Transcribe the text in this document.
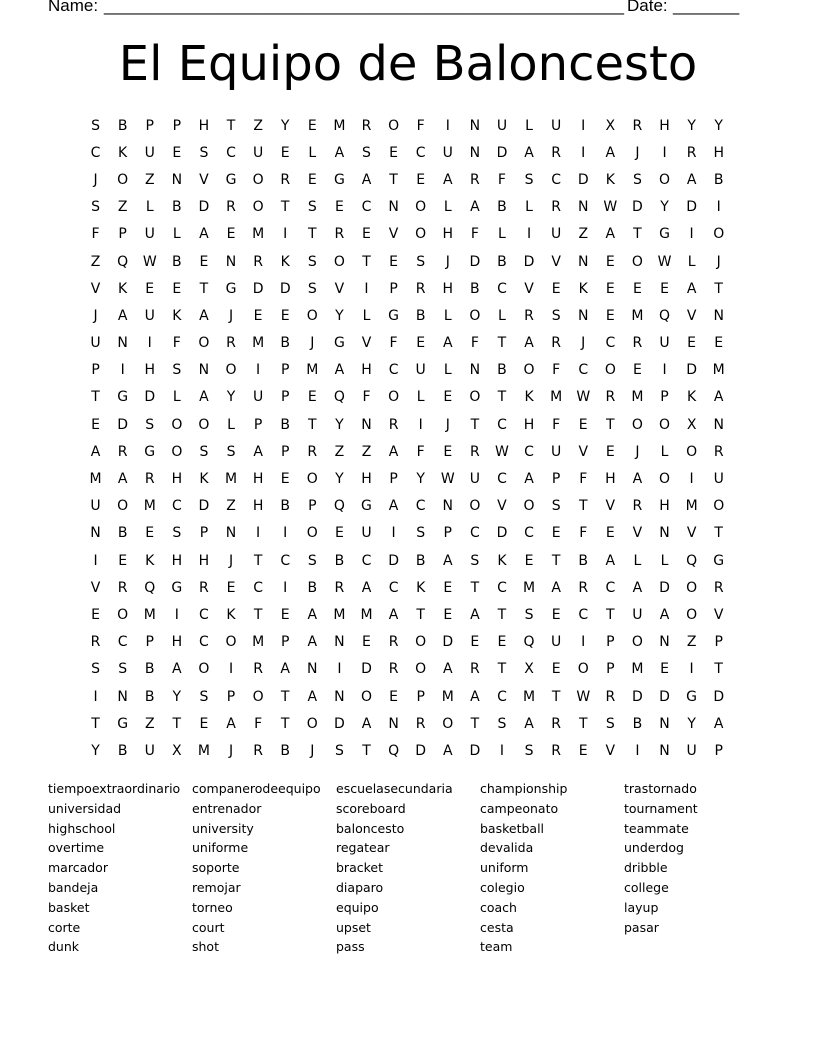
Name: _______________________________________________________ Date: _______
El Equipo de Baloncesto
S	B	P	P	H	T	Z	Y	E	M	R	O	F	I	N	U	L	U	I	X	R	H	Y	Y
C	K	U	E	S	C	U	E	L	A	S	E	C	U	N	D	A	R	I	A	J	I	R	H
J	O	Z	N	V	G	O	R	E	G	A	T	E	A	R	F	S	C	D	K	S	O	A	B
S	Z	L	B	D	R	O	T	S	E	C	N	O	L	A	B	L	R	N	W	D	Y	D	I
F	P	U	L	A	E	M	I	T	R	E	V	O	H	F	L	I	U	Z	A	T	G	I	O
Z	Q	W	B	E	N	R	K	S	O	T	E	S	J	D	B	D	V	N	E	O	W	L	J
V	K	E	E	T	G	D	D	S	V	I	P	R	H	B	C	V	E	K	E	E	E	A	T
J	A	U	K	A	J	E	E	O	Y	L	G	B	L	O	L	R	S	N	E	M	Q	V	N
U	N	I	F	O	R	M	B	J	G	V	F	E	A	F	T	A	R	J	C	R	U	E	E
P	I	H	S	N	O	I	P	M	A	H	C	U	L	N	B	O	F	C	O	E	I	D	M
T	G	D	L	A	Y	U	P	E	Q	F	O	L	E	O	T	K	M	W	R	M	P	K	A
E	D	S	O	O	L	P	B	T	Y	N	R	I	J	T	C	H	F	E	T	O	O	X	N
A	R	G	O	S	S	A	P	R	Z	Z	A	F	E	R	W	C	U	V	E	J	L	O	R
M	A	R	H	K	M	H	E	O	Y	H	P	Y	W	U	C	A	P	F	H	A	O	I	U
U	O	M	C	D	Z	H	B	P	Q	G	A	C	N	O	V	O	S	T	V	R	H	M	O
N	B	E	S	P	N	I	I	O	E	U	I	S	P	C	D	C	E	F	E	V	N	V	T
I	E	K	H	H	J	T	C	S	B	C	D	B	A	S	K	E	T	B	A	L	L	Q	G
V	R	Q	G	R	E	C	I	B	R	A	C	K	E	T	C	M	A	R	C	A	D	O	R
E	O	M	I	C	K	T	E	A	M	M	A	T	E	A	T	S	E	C	T	U	A	O	V
R	C	P	H	C	O	M	P	A	N	E	R	O	D	E	E	Q	U	I	P	O	N	Z	P
S	S	B	A	O	I	R	A	N	I	D	R	O	A	R	T	X	E	O	P	M	E	I	T
I	N	B	Y	S	P	O	T	A	N	O	E	P	M	A	C	M	T	W	R	D	D	G	D
T	G	Z	T	E	A	F	T	O	D	A	N	R	O	T	S	A	R	T	S	B	N	Y	A
Y	B	U	X	M	J	R	B	J	S	T	Q	D	A	D	I	S	R	E	V	I	N	U	P
tiempoextraordinario
universidad
highschool
overtime
marcador
bandeja
basket
corte
dunk
companerodeequipo
entrenador
university
uniforme
soporte
remojar
torneo
court
shot
escuelasecundaria
scoreboard
baloncesto
regatear
bracket
diaparo
equipo
upset
pass
championship
campeonato
basketball
devalida
uniform
colegio
coach
cesta
team
trastornado
tournament
teammate
underdog
dribble
college
layup
pasar
